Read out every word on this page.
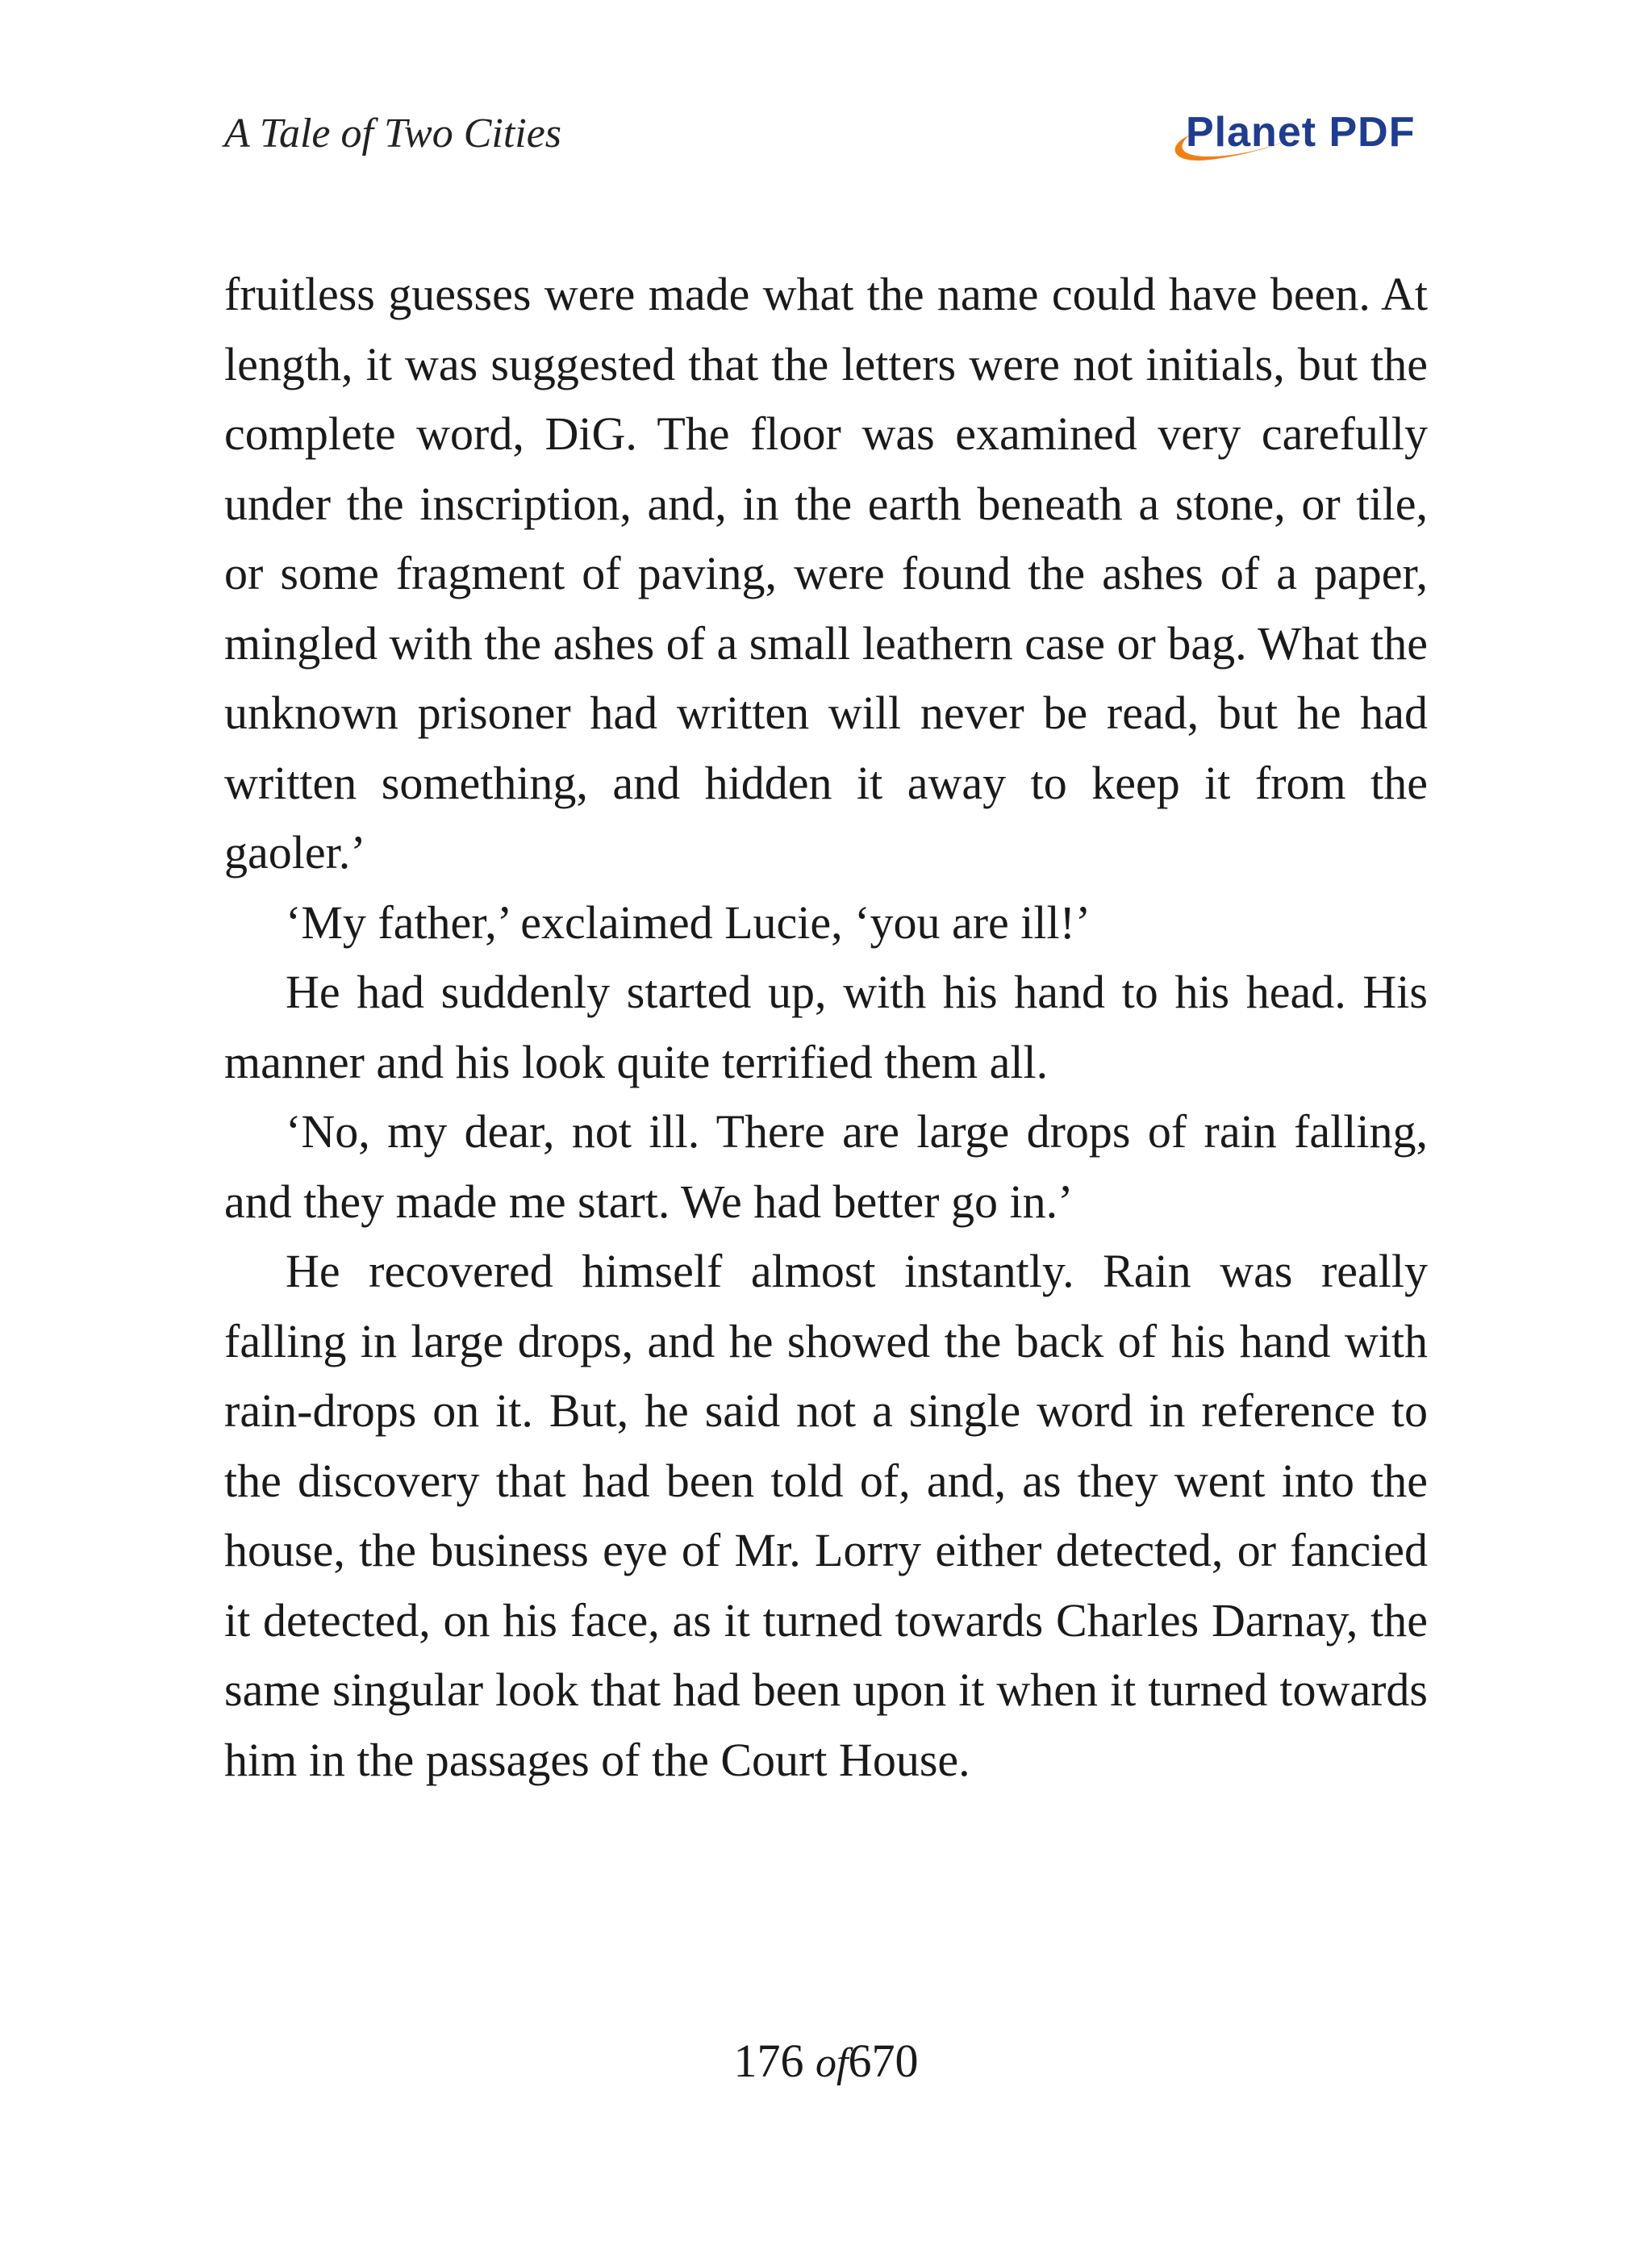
A Tale of Two Cities	Planet PDF

fruitless guesses were made what the name could have been. At length, it was suggested that the letters were not initials, but the complete word, DiG. The floor was examined very carefully under the inscription, and, in the earth beneath a stone, or tile, or some fragment of paving, were found the ashes of a paper, mingled with the ashes of a small leathern case or bag. What the unknown prisoner had written will never be read, but he had written something, and hidden it away to keep it from the gaoler.’

‘My father,’ exclaimed Lucie, ‘you are ill!’

He had suddenly started up, with his hand to his head. His manner and his look quite terrified them all.

‘No, my dear, not ill. There are large drops of rain falling, and they made me start. We had better go in.’

He recovered himself almost instantly. Rain was really falling in large drops, and he showed the back of his hand with rain-drops on it. But, he said not a single word in reference to the discovery that had been told of, and, as they went into the house, the business eye of Mr. Lorry either detected, or fancied it detected, on his face, as it turned towards Charles Darnay, the same singular look that had been upon it when it turned towards him in the passages of the Court House.

176 of670
